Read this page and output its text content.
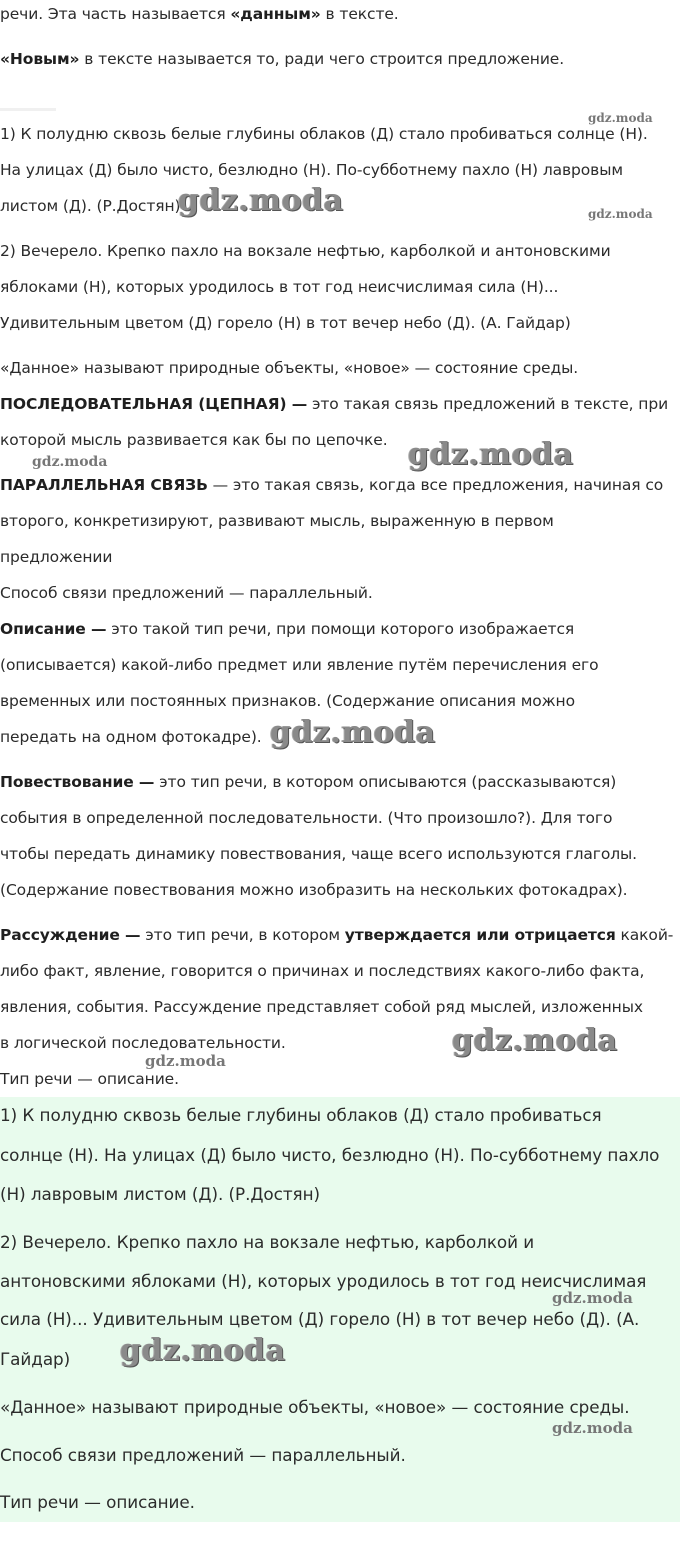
речи. Эта часть называется «данным» в тексте.
«Новым» в тексте называется то, ради чего строится предложение.
1) К полудню сквозь белые глубины облаков (Д) стало пробиваться солнце (Н).
На улицах (Д) было чисто, безлюдно (Н). По-субботнему пахло (Н) лавровым
листом (Д). (Р.Достян)
2) Вечерело. Крепко пахло на вокзале нефтью, карболкой и антоновскими
яблоками (Н), которых уродилось в тот год неисчислимая сила (Н)...
Удивительным цветом (Д) горело (Н) в тот вечер небо (Д). (А. Гайдар)
«Данное» называют природные объекты, «новое» — состояние среды.
ПОСЛЕДОВАТЕЛЬНАЯ (ЦЕПНАЯ) — это такая связь предложений в тексте, при
которой мысль развивается как бы по цепочке.
ПАРАЛЛЕЛЬНАЯ СВЯЗЬ — это такая связь, когда все предложения, начиная со
второго, конкретизируют, развивают мысль, выраженную в первом
предложении
Способ связи предложений — параллельный.
Описание — это такой тип речи, при помощи которого изображается
(описывается) какой-либо предмет или явление путём перечисления его
временных или постоянных признаков. (Содержание описания можно
передать на одном фотокадре).
Повествование — это тип речи, в котором описываются (рассказываются)
события в определенной последовательности. (Что произошло?). Для того
чтобы передать динамику повествования, чаще всего используются глаголы.
(Содержание повествования можно изобразить на нескольких фотокадрах).
Рассуждение — это тип речи, в котором утверждается или отрицается какой-
либо факт, явление, говорится о причинах и последствиях какого-либо факта,
явления, события. Рассуждение представляет собой ряд мыслей, изложенных
в логической последовательности.
Тип речи — описание.
1) К полудню сквозь белые глубины облаков (Д) стало пробиваться
солнце (Н). На улицах (Д) было чисто, безлюдно (Н). По-субботнему пахло
(Н) лавровым листом (Д). (Р.Достян)
2) Вечерело. Крепко пахло на вокзале нефтью, карболкой и
антоновскими яблоками (Н), которых уродилось в тот год неисчислимая
сила (Н)... Удивительным цветом (Д) горело (Н) в тот вечер небо (Д). (А.
Гайдар)
«Данное» называют природные объекты, «новое» — состояние среды.
Способ связи предложений — параллельный.
Тип речи — описание.
gdz.moda
gdz.moda
gdz.moda
gdz.moda
gdz.moda
gdz.moda
gdz.moda
gdz.moda
gdz.moda
gdz.moda
gdz.moda
